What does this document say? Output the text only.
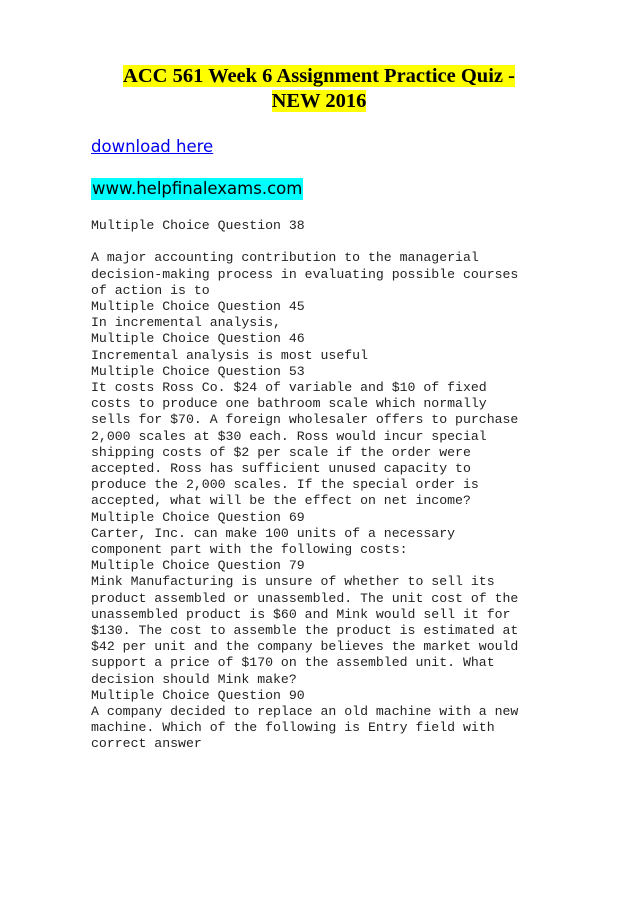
ACC 561 Week 6 Assignment Practice Quiz -
NEW 2016
download here
www.helpfinalexams.com

Multiple Choice Question 38

A major accounting contribution to the managerial

decision-making process in evaluating possible courses

of action is to

Multiple Choice Question 45

In incremental analysis,

Multiple Choice Question 46

Incremental analysis is most useful

Multiple Choice Question 53

It costs Ross Co. $24 of variable and $10 of fixed

costs to produce one bathroom scale which normally

sells for $70. A foreign wholesaler offers to purchase

2,000 scales at $30 each. Ross would incur special

shipping costs of $2 per scale if the order were

accepted. Ross has sufficient unused capacity to

produce the 2,000 scales. If the special order is

accepted, what will be the effect on net income?

Multiple Choice Question 69

Carter, Inc. can make 100 units of a necessary

component part with the following costs:

Multiple Choice Question 79

Mink Manufacturing is unsure of whether to sell its

product assembled or unassembled. The unit cost of the

unassembled product is $60 and Mink would sell it for

$130. The cost to assemble the product is estimated at

$42 per unit and the company believes the market would

support a price of $170 on the assembled unit. What

decision should Mink make?

Multiple Choice Question 90

A company decided to replace an old machine with a new

machine. Which of the following is Entry field with

correct answer
